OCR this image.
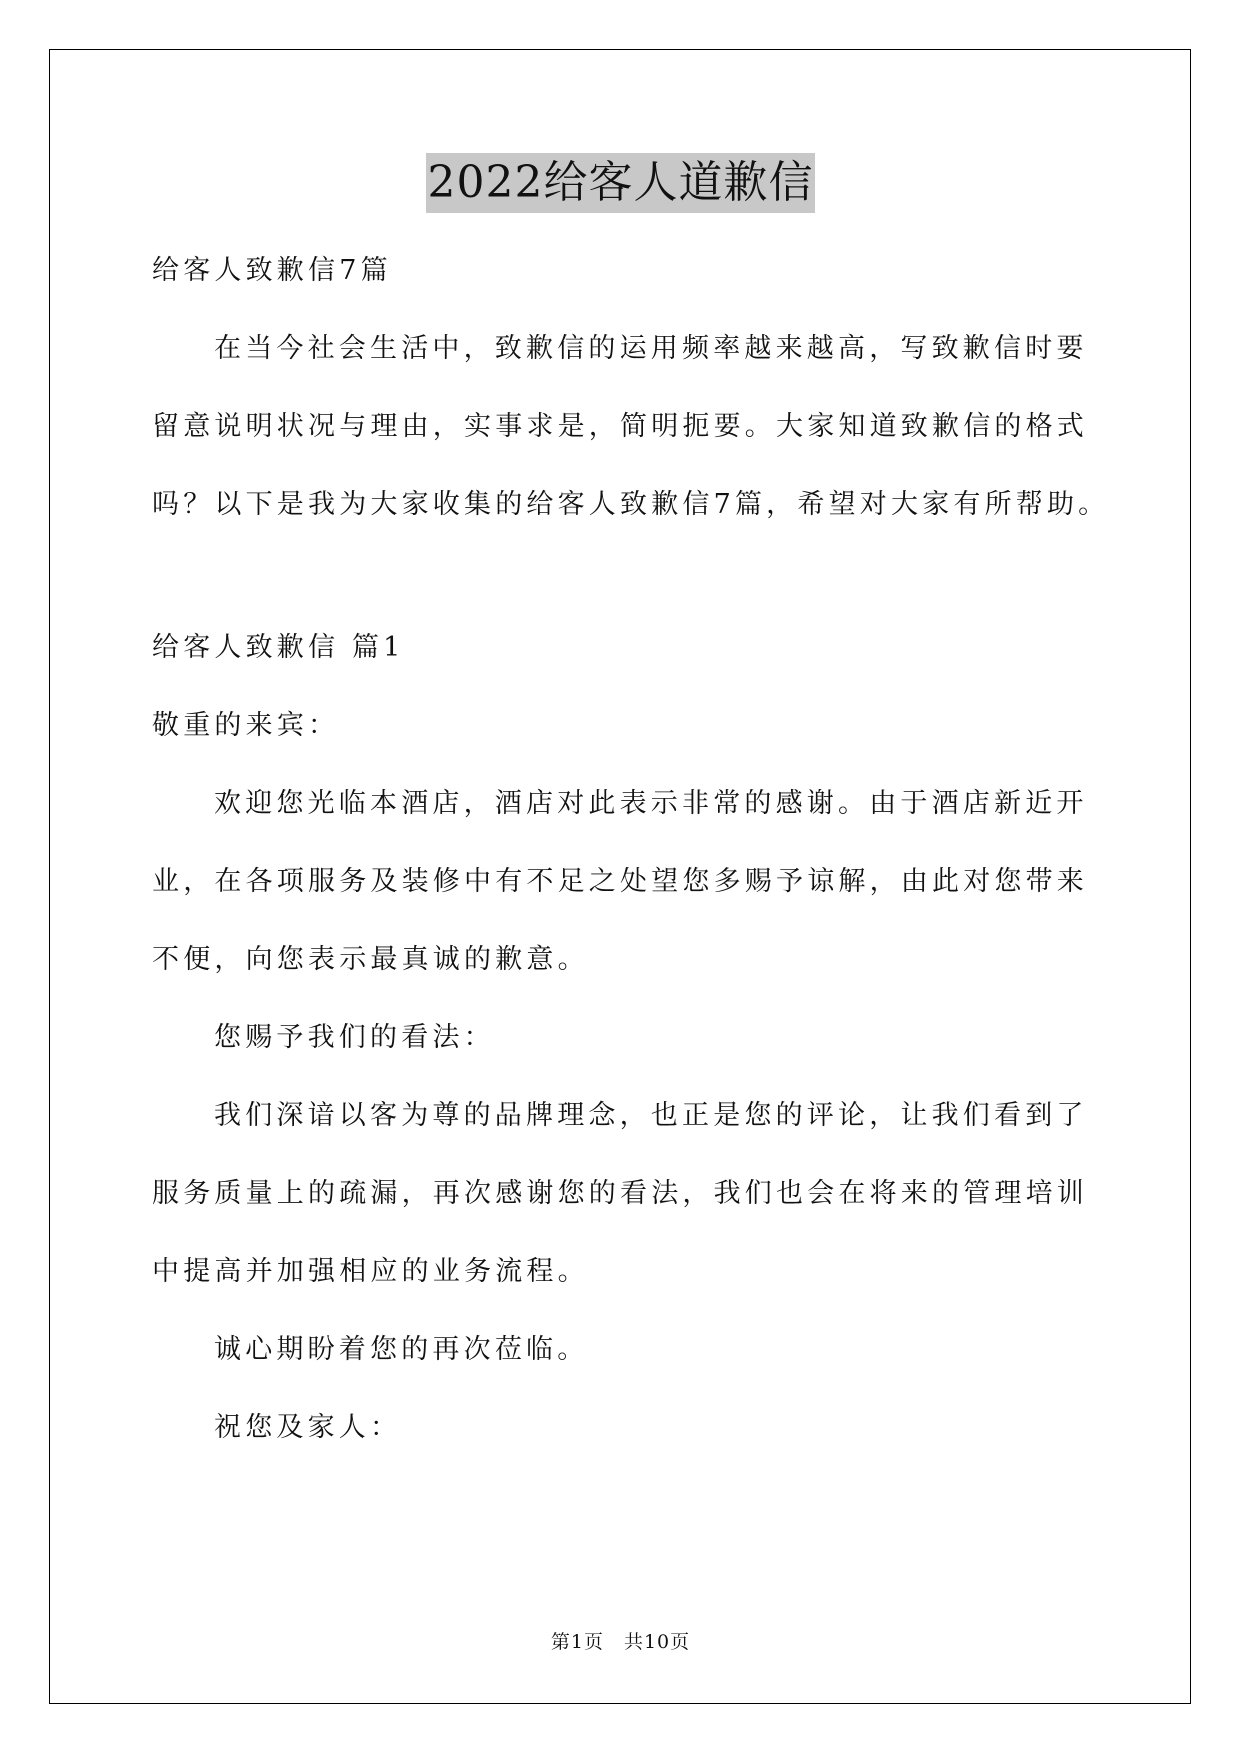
2022给客人道歉信

给客人致歉信7篇

在当今社会生活中，致歉信的运用频率越来越高，写致歉信时要

留意说明状况与理由，实事求是，简明扼要。大家知道致歉信的格式

吗？以下是我为大家收集的给客人致歉信7篇，希望对大家有所帮助。

给客人致歉信 篇1

敬重的来宾：

欢迎您光临本酒店，酒店对此表示非常的感谢。由于酒店新近开

业，在各项服务及装修中有不足之处望您多赐予谅解，由此对您带来

不便，向您表示最真诚的歉意。

您赐予我们的看法：

我们深谙以客为尊的品牌理念，也正是您的评论，让我们看到了

服务质量上的疏漏，再次感谢您的看法，我们也会在将来的管理培训

中提高并加强相应的业务流程。

诚心期盼着您的再次莅临。

祝您及家人：

第1页　共10页
